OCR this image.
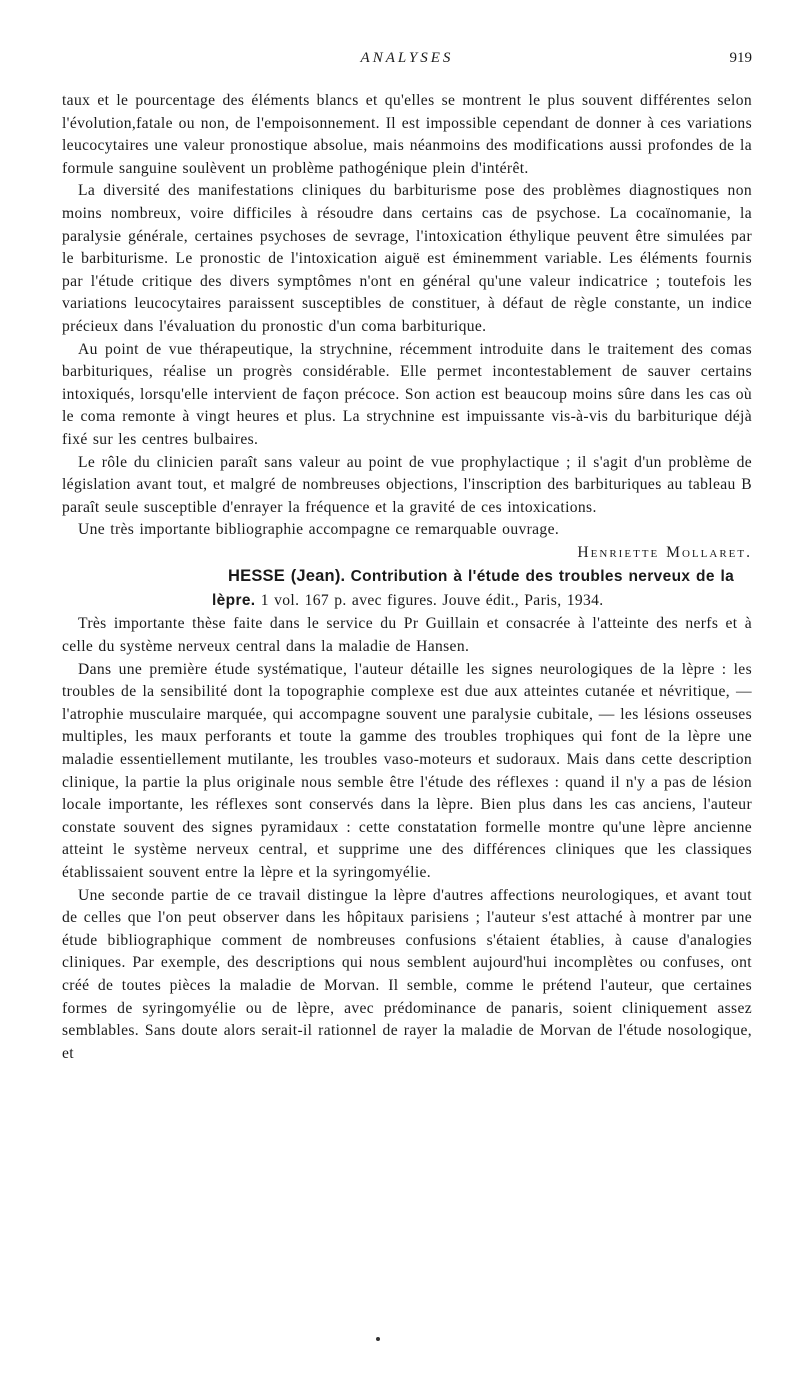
ANALYSES	919

taux et le pourcentage des éléments blancs et qu'elles se montrent le plus souvent différentes selon l'évolution,fatale ou non, de l'empoisonnement. Il est impossible cependant de donner à ces variations leucocytaires une valeur pronostique absolue, mais néanmoins des modifications aussi profondes de la formule sanguine soulèvent un problème pathogénique plein d'intérêt.

La diversité des manifestations cliniques du barbiturisme pose des problèmes diagnostiques non moins nombreux, voire difficiles à résoudre dans certains cas de psychose. La cocaïnomanie, la paralysie générale, certaines psychoses de sevrage, l'intoxication éthylique peuvent être simulées par le barbiturisme. Le pronostic de l'intoxication aiguë est éminemment variable. Les éléments fournis par l'étude critique des divers symptômes n'ont en général qu'une valeur indicatrice ; toutefois les variations leucocytaires paraissent susceptibles de constituer, à défaut de règle constante, un indice précieux dans l'évaluation du pronostic d'un coma barbiturique.

Au point de vue thérapeutique, la strychnine, récemment introduite dans le traitement des comas barbituriques, réalise un progrès considérable. Elle permet incontestablement de sauver certains intoxiqués, lorsqu'elle intervient de façon précoce. Son action est beaucoup moins sûre dans les cas où le coma remonte à vingt heures et plus. La strychnine est impuissante vis-à-vis du barbiturique déjà fixé sur les centres bulbaires.

Le rôle du clinicien paraît sans valeur au point de vue prophylactique ; il s'agit d'un problème de législation avant tout, et malgré de nombreuses objections, l'inscription des barbituriques au tableau B paraît seule susceptible d'enrayer la fréquence et la gravité de ces intoxications.

Une très importante bibliographie accompagne ce remarquable ouvrage.

Henriette Mollaret.

HESSE (Jean). Contribution à l'étude des troubles nerveux de la lèpre. 1 vol. 167 p. avec figures. Jouve édit., Paris, 1934.

Très importante thèse faite dans le service du Pr Guillain et consacrée à l'atteinte des nerfs et à celle du système nerveux central dans la maladie de Hansen.

Dans une première étude systématique, l'auteur détaille les signes neurologiques de la lèpre : les troubles de la sensibilité dont la topographie complexe est due aux atteintes cutanée et névritique, — l'atrophie musculaire marquée, qui accompagne souvent une paralysie cubitale, — les lésions osseuses multiples, les maux perforants et toute la gamme des troubles trophiques qui font de la lèpre une maladie essentiellement mutilante, les troubles vaso-moteurs et sudoraux. Mais dans cette description clinique, la partie la plus originale nous semble être l'étude des réflexes : quand il n'y a pas de lésion locale importante, les réflexes sont conservés dans la lèpre. Bien plus dans les cas anciens, l'auteur constate souvent des signes pyramidaux : cette constatation formelle montre qu'une lèpre ancienne atteint le système nerveux central, et supprime une des différences cliniques que les classiques établissaient souvent entre la lèpre et la syringomyélie.

Une seconde partie de ce travail distingue la lèpre d'autres affections neurologiques, et avant tout de celles que l'on peut observer dans les hôpitaux parisiens ; l'auteur s'est attaché à montrer par une étude bibliographique comment de nombreuses confusions s'étaient établies, à cause d'analogies cliniques. Par exemple, des descriptions qui nous semblent aujourd'hui incomplètes ou confuses, ont créé de toutes pièces la maladie de Morvan. Il semble, comme le prétend l'auteur, que certaines formes de syringomyélie ou de lèpre, avec prédominance de panaris, soient cliniquement assez semblables. Sans doute alors serait-il rationnel de rayer la maladie de Morvan de l'étude nosologique, et
